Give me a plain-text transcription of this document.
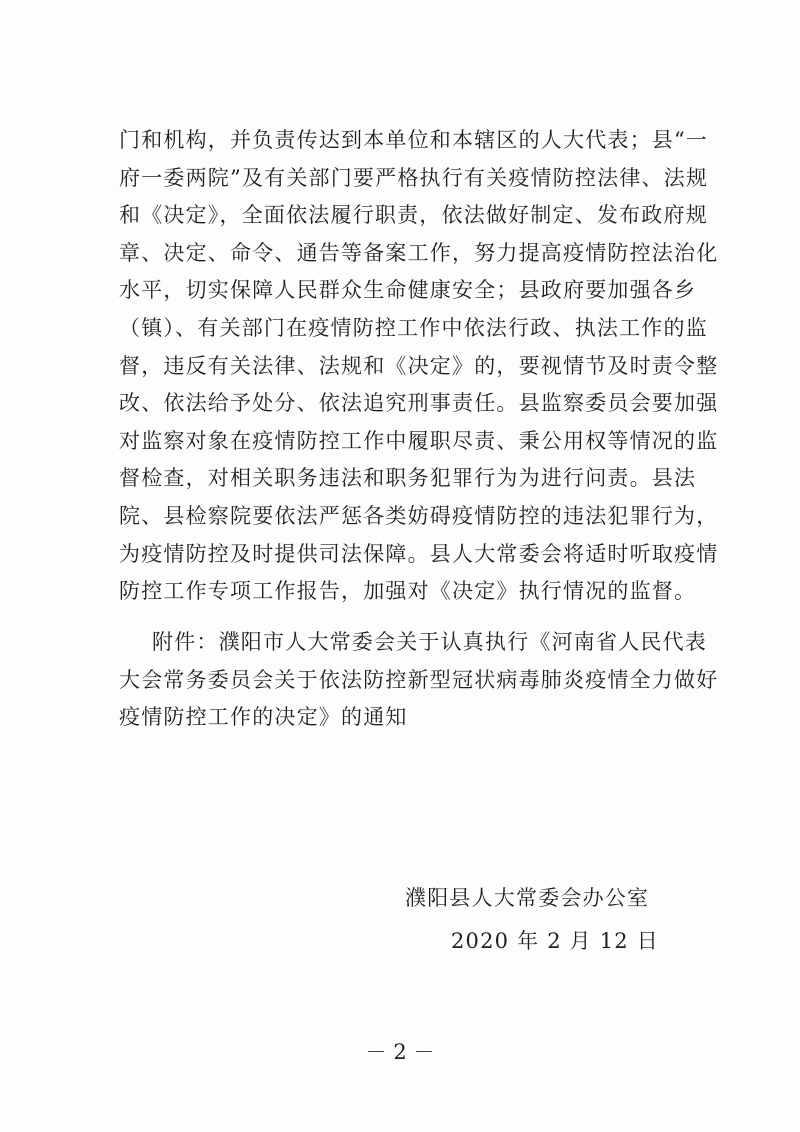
门和机构，并负责传达到本单位和本辖区的人大代表；县“一府一委两院”及有关部门要严格执行有关疫情防控法律、法规和《决定》，全面依法履行职责，依法做好制定、发布政府规章、决定、命令、通告等备案工作，努力提高疫情防控法治化水平，切实保障人民群众生命健康安全；县政府要加强各乡（镇）、有关部门在疫情防控工作中依法行政、执法工作的监督，违反有关法律、法规和《决定》的，要视情节及时责令整改、依法给予处分、依法追究刑事责任。县监察委员会要加强对监察对象在疫情防控工作中履职尽责、秉公用权等情况的监督检查，对相关职务违法和职务犯罪行为为进行问责。县法院、县检察院要依法严惩各类妨碍疫情防控的违法犯罪行为，为疫情防控及时提供司法保障。县人大常委会将适时听取疫情防控工作专项工作报告，加强对《决定》执行情况的监督。

附件：濮阳市人大常委会关于认真执行《河南省人民代表大会常务委员会关于依法防控新型冠状病毒肺炎疫情全力做好疫情防控工作的决定》的通知

濮阳县人大常委会办公室
2020 年 2 月 12 日
－ 2 －
